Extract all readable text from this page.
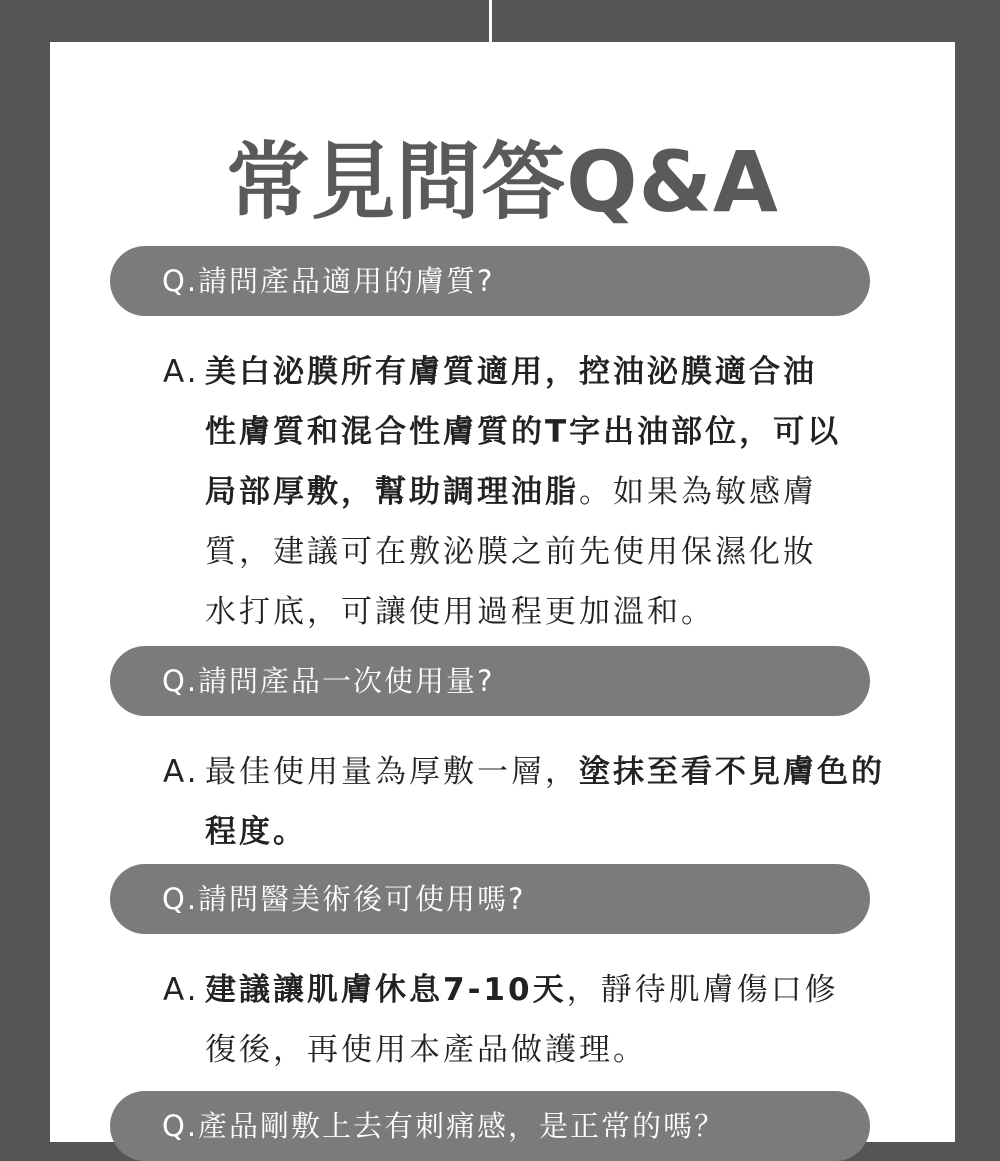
常見問答Q&A
Q.請問產品適用的膚質?
A. 美白泌膜所有膚質適用，控油泌膜適合油
性膚質和混合性膚質的T字出油部位，可以
局部厚敷，幫助調理油脂。如果為敏感膚
質，建議可在敷泌膜之前先使用保濕化妝
水打底，可讓使用過程更加溫和。
Q.請問產品一次使用量?
A. 最佳使用量為厚敷一層，塗抹至看不見膚色的
程度。
Q.請問醫美術後可使用嗎?
A. 建議讓肌膚休息7-10天，靜待肌膚傷口修
復後，再使用本產品做護理。
Q.產品剛敷上去有刺痛感，是正常的嗎？
